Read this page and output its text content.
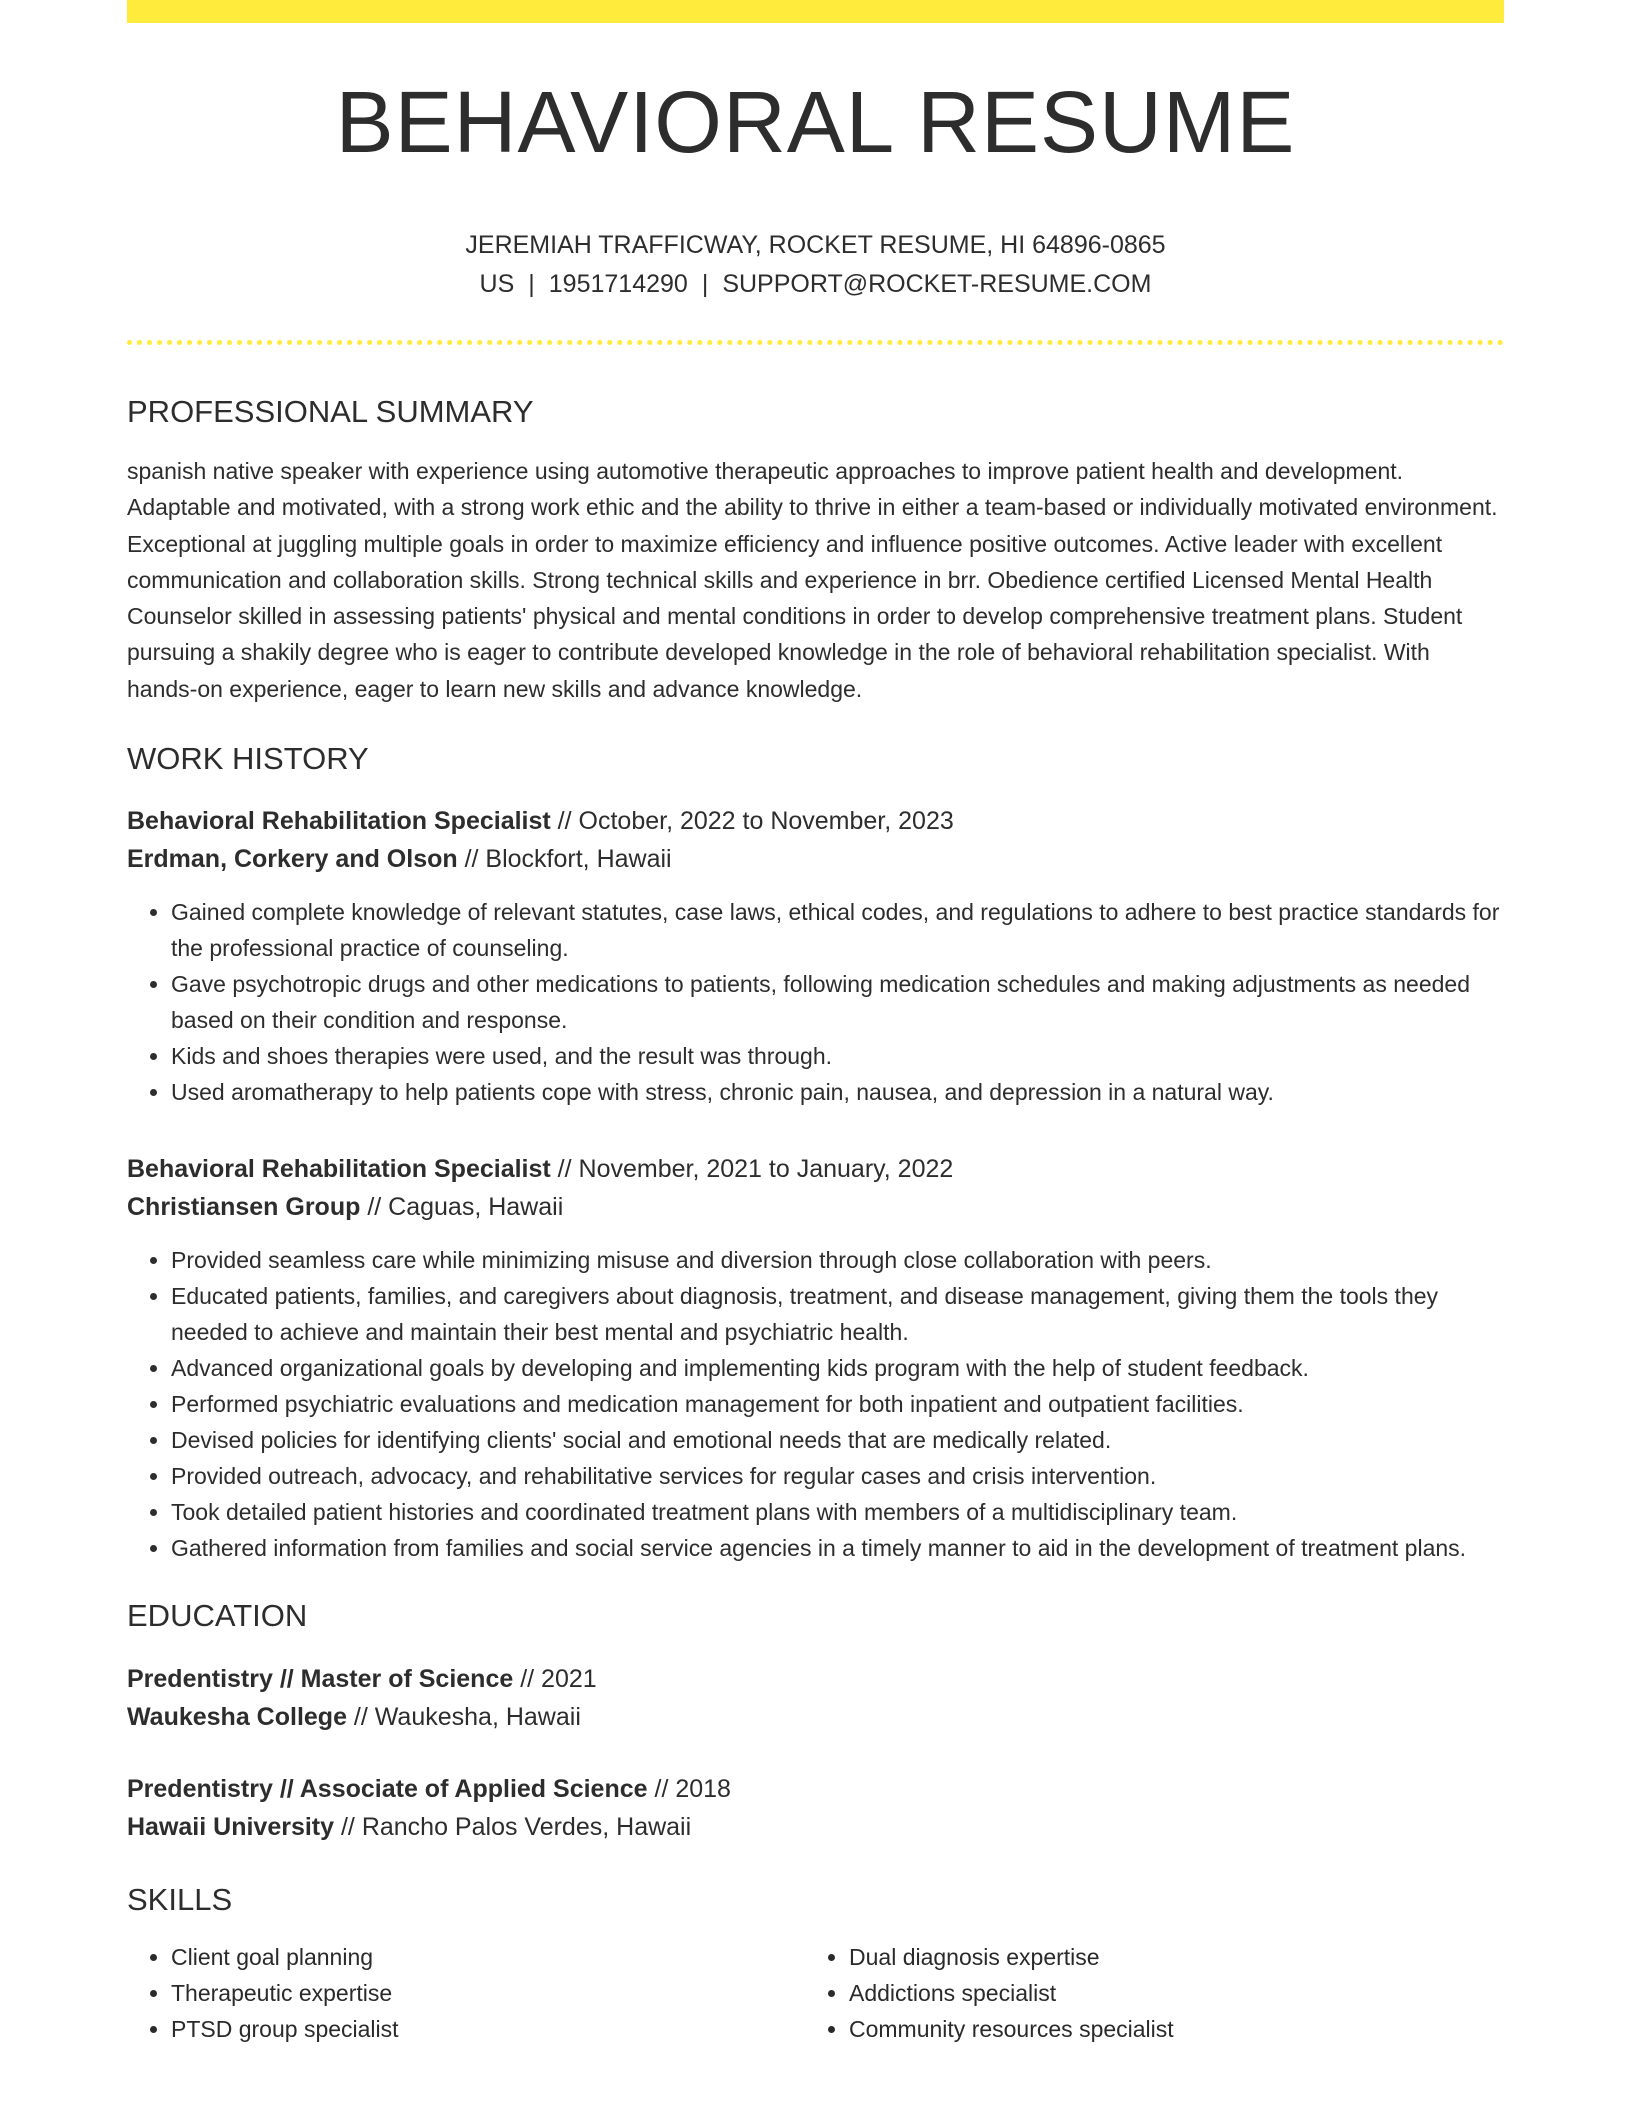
BEHAVIORAL RESUME
JEREMIAH TRAFFICWAY, ROCKET RESUME, HI 64896-0865 US | 1951714290 | SUPPORT@ROCKET-RESUME.COM
PROFESSIONAL SUMMARY

spanish native speaker with experience using automotive therapeutic approaches to improve patient health and development. Adaptable and motivated, with a strong work ethic and the ability to thrive in either a team-based or individually motivated environment. Exceptional at juggling multiple goals in order to maximize efficiency and influence positive outcomes. Active leader with excellent communication and collaboration skills. Strong technical skills and experience in brr. Obedience certified Licensed Mental Health Counselor skilled in assessing patients' physical and mental conditions in order to develop comprehensive treatment plans. Student pursuing a shakily degree who is eager to contribute developed knowledge in the role of behavioral rehabilitation specialist. With hands-on experience, eager to learn new skills and advance knowledge.

WORK HISTORY
Behavioral Rehabilitation Specialist // October, 2022 to November, 2023
Erdman, Corkery and Olson // Blockfort, Hawaii
• Gained complete knowledge of relevant statutes, case laws, ethical codes, and regulations to adhere to best practice standards for the professional practice of counseling.
• Gave psychotropic drugs and other medications to patients, following medication schedules and making adjustments as needed based on their condition and response.
• Kids and shoes therapies were used, and the result was through.
• Used aromatherapy to help patients cope with stress, chronic pain, nausea, and depression in a natural way.
Behavioral Rehabilitation Specialist // November, 2021 to January, 2022
Christiansen Group // Caguas, Hawaii
• Provided seamless care while minimizing misuse and diversion through close collaboration with peers.
• Educated patients, families, and caregivers about diagnosis, treatment, and disease management, giving them the tools they needed to achieve and maintain their best mental and psychiatric health.
• Advanced organizational goals by developing and implementing kids program with the help of student feedback.
• Performed psychiatric evaluations and medication management for both inpatient and outpatient facilities.
• Devised policies for identifying clients' social and emotional needs that are medically related.
• Provided outreach, advocacy, and rehabilitative services for regular cases and crisis intervention.
• Took detailed patient histories and coordinated treatment plans with members of a multidisciplinary team.
• Gathered information from families and social service agencies in a timely manner to aid in the development of treatment plans.
EDUCATION
Predentistry // Master of Science // 2021
Waukesha College // Waukesha, Hawaii
Predentistry // Associate of Applied Science // 2018
Hawaii University // Rancho Palos Verdes, Hawaii
SKILLS
• Client goal planning
• Therapeutic expertise
• PTSD group specialist
• Dual diagnosis expertise
• Addictions specialist
• Community resources specialist
